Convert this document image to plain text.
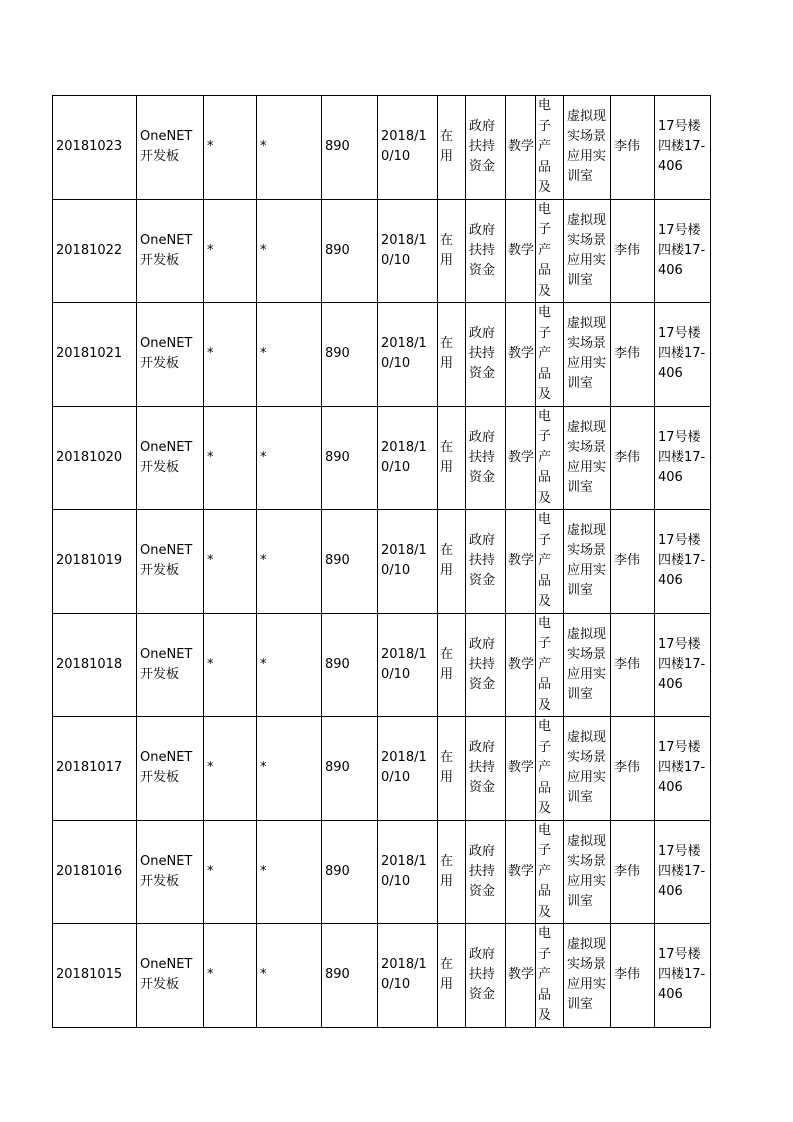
20181023	OneNET开发板	*	*	890	2018/10/10	在用	政府扶持资金	教学	电子产品及	虚拟现实场景应用实训室	李伟	17号楼四楼17-406
20181022	OneNET开发板	*	*	890	2018/10/10	在用	政府扶持资金	教学	电子产品及	虚拟现实场景应用实训室	李伟	17号楼四楼17-406
20181021	OneNET开发板	*	*	890	2018/10/10	在用	政府扶持资金	教学	电子产品及	虚拟现实场景应用实训室	李伟	17号楼四楼17-406
20181020	OneNET开发板	*	*	890	2018/10/10	在用	政府扶持资金	教学	电子产品及	虚拟现实场景应用实训室	李伟	17号楼四楼17-406
20181019	OneNET开发板	*	*	890	2018/10/10	在用	政府扶持资金	教学	电子产品及	虚拟现实场景应用实训室	李伟	17号楼四楼17-406
20181018	OneNET开发板	*	*	890	2018/10/10	在用	政府扶持资金	教学	电子产品及	虚拟现实场景应用实训室	李伟	17号楼四楼17-406
20181017	OneNET开发板	*	*	890	2018/10/10	在用	政府扶持资金	教学	电子产品及	虚拟现实场景应用实训室	李伟	17号楼四楼17-406
20181016	OneNET开发板	*	*	890	2018/10/10	在用	政府扶持资金	教学	电子产品及	虚拟现实场景应用实训室	李伟	17号楼四楼17-406
20181015	OneNET开发板	*	*	890	2018/10/10	在用	政府扶持资金	教学	电子产品及	虚拟现实场景应用实训室	李伟	17号楼四楼17-406
